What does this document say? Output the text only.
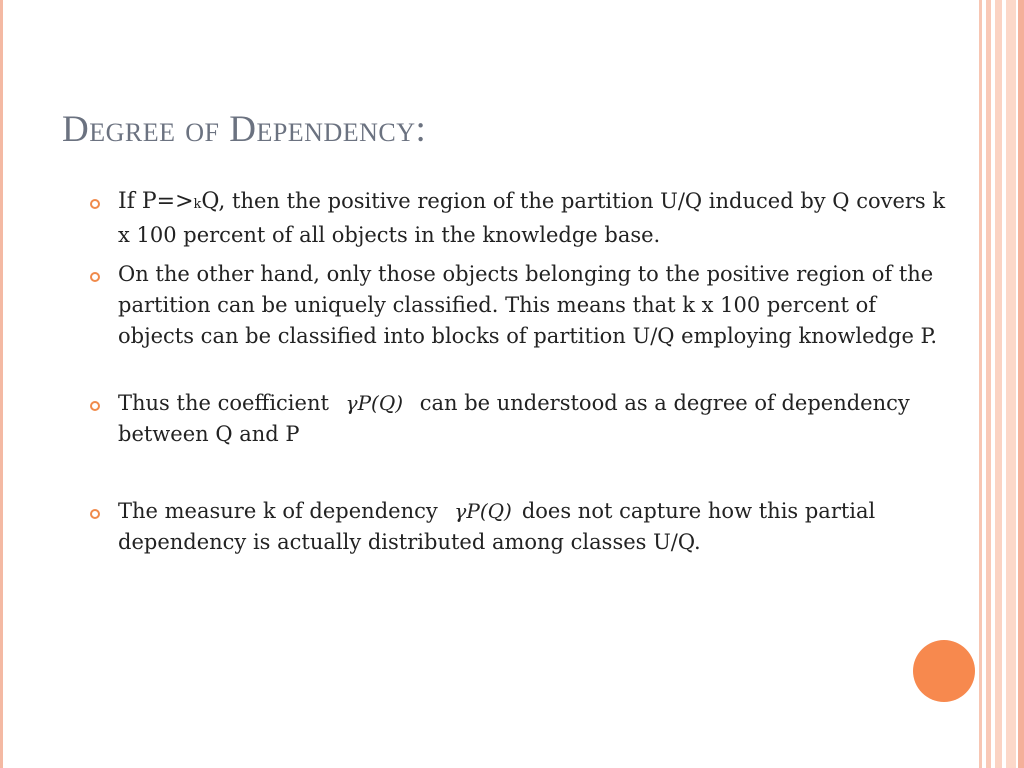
Degree of Dependency:
If P=>kQ, then the positive region of the partition U/Q induced by Q covers k x 100 percent of all objects in the knowledge base.
On the other hand, only those objects belonging to the positive region of the partition can be uniquely classified. This means that k x 100 percent of objects can be classified into blocks of partition U/Q employing knowledge P.
Thus the coefficient γP(Q) can be understood as a degree of dependency between Q and P
The measure k of dependency γP(Q) does not capture how this partial dependency is actually distributed among classes U/Q.
